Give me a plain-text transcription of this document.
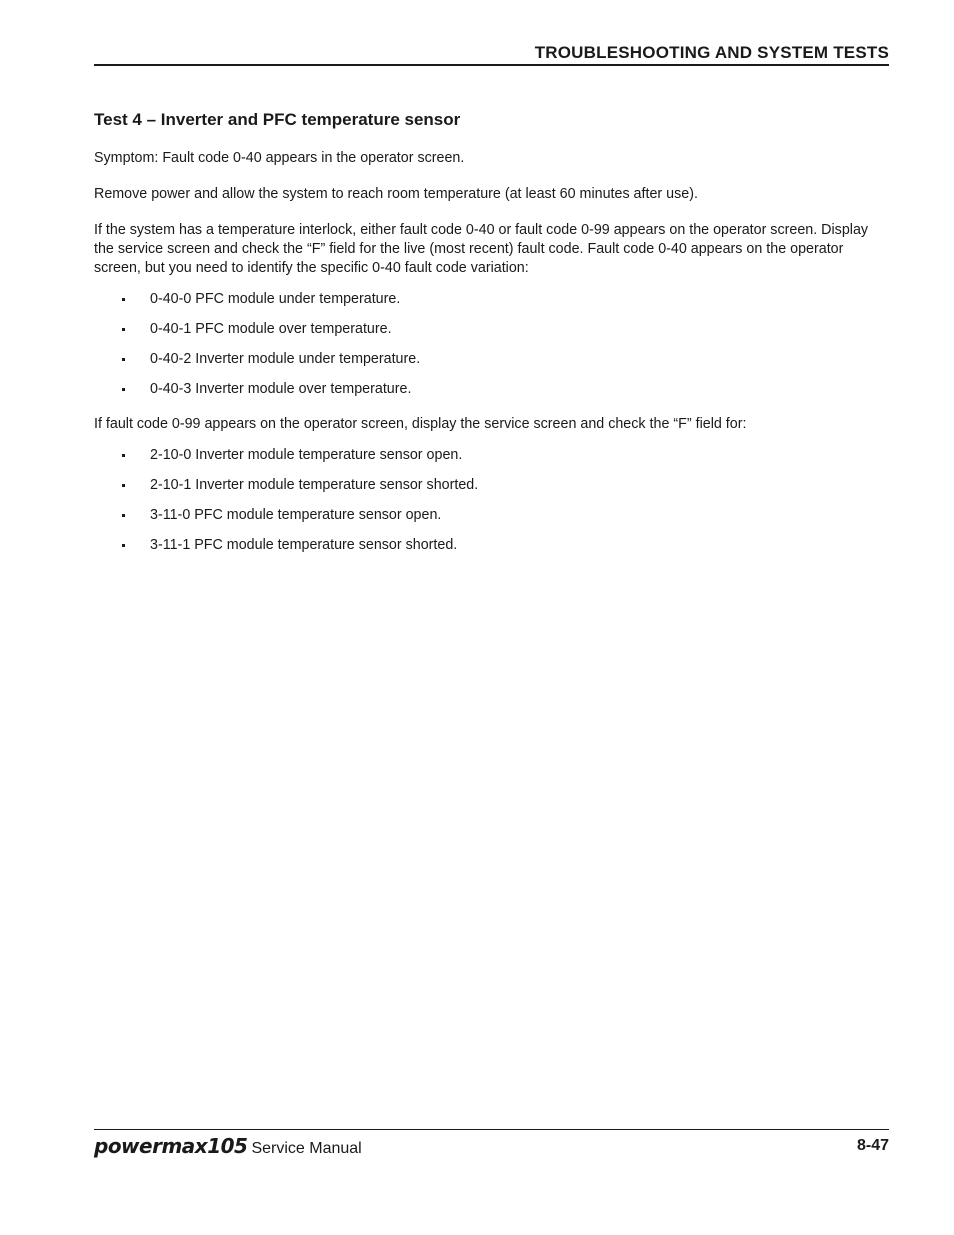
TROUBLESHOOTING AND SYSTEM TESTS
Test 4 – Inverter and PFC temperature sensor

Symptom: Fault code 0-40 appears in the operator screen.

Remove power and allow the system to reach room temperature (at least 60 minutes after use).

If the system has a temperature interlock, either fault code 0-40 or fault code 0-99 appears on the operator screen. Display the service screen and check the “F” field for the live (most recent) fault code. Fault code 0-40 appears on the operator screen, but you need to identify the specific 0-40 fault code variation:

0-40-0 PFC module under temperature.
0-40-1 PFC module over temperature.
0-40-2 Inverter module under temperature.
0-40-3 Inverter module over temperature.

If fault code 0-99 appears on the operator screen, display the service screen and check the “F” field for:

2-10-0 Inverter module temperature sensor open.
2-10-1 Inverter module temperature sensor shorted.
3-11-0 PFC module temperature sensor open.
3-11-1 PFC module temperature sensor shorted.
powermax105 Service Manual	8-47
